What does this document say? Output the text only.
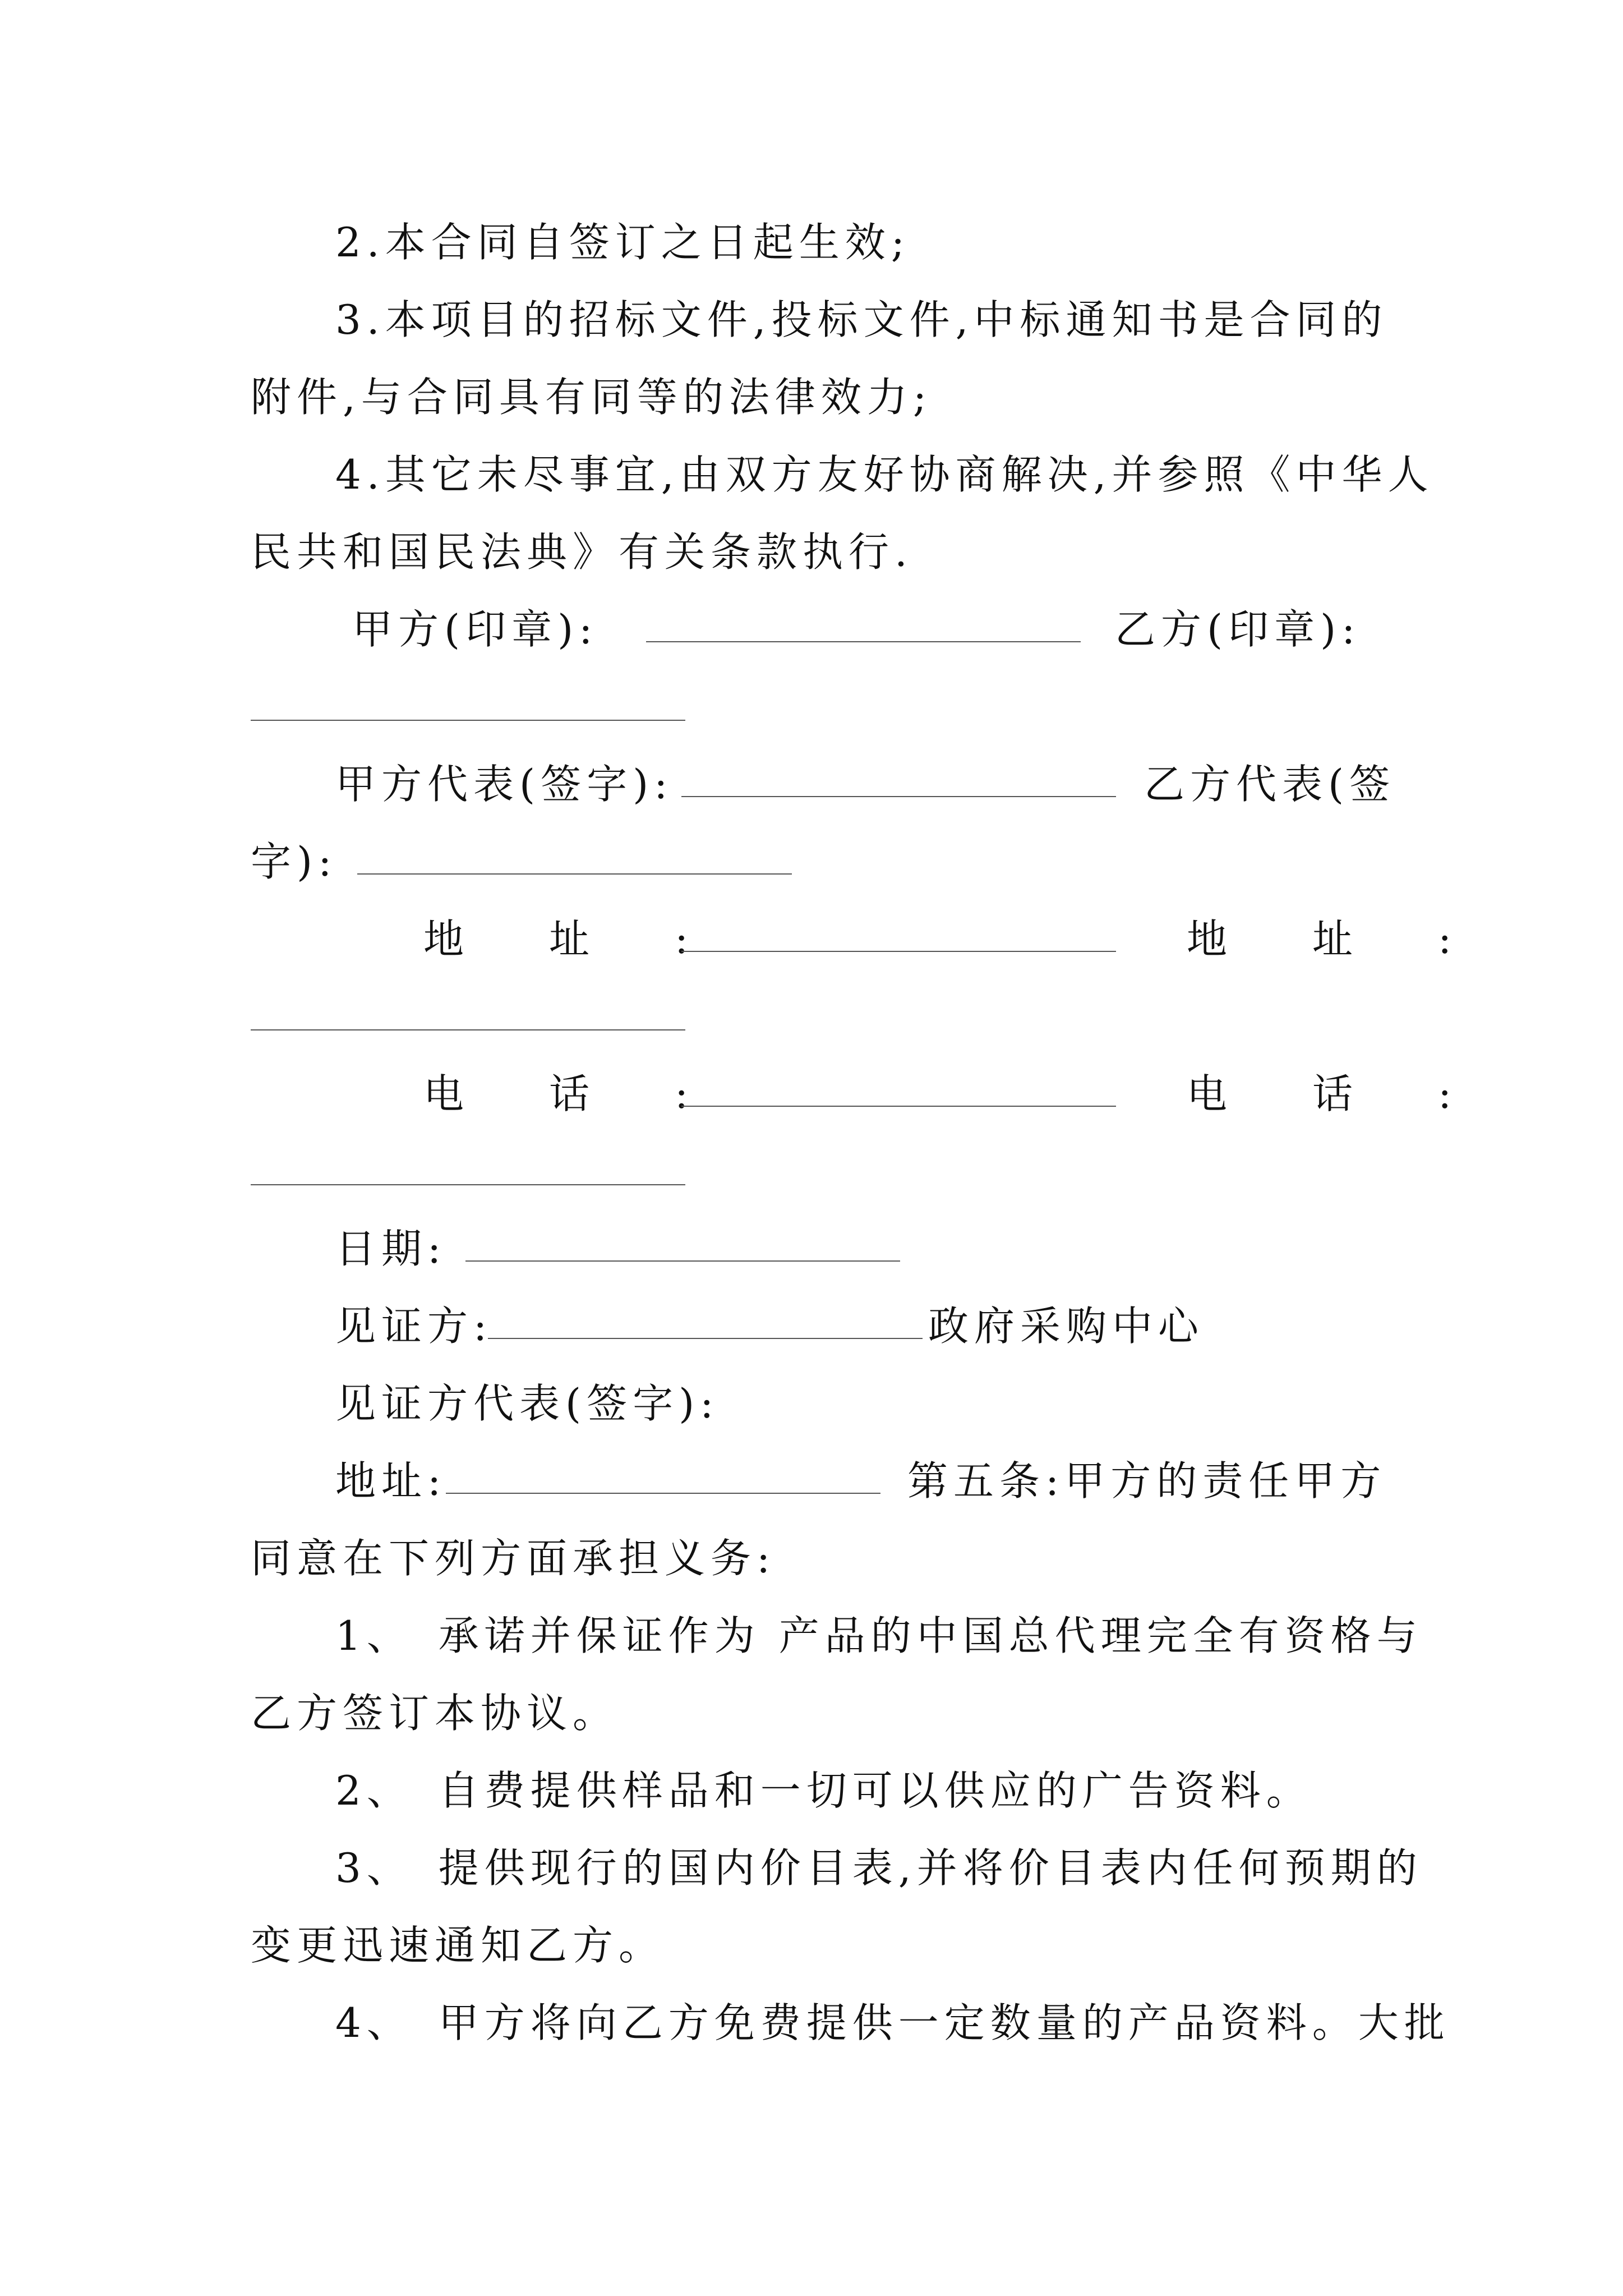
2.本合同自签订之日起生效;
3.本项目的招标文件,投标文件,中标通知书是合同的
附件,与合同具有同等的法律效力;
4.其它未尽事宜,由双方友好协商解决,并参照《中华人
民共和国民法典》有关条款执行.
甲方(印章):	乙方(印章):
甲方代表(签字):	乙方代表(签
字):
地　址　:	地　址　:
电　话　:	电　话　:
日期:
见证方:	政府采购中心
见证方代表(签字):
地址:	第五条:甲方的责任甲方
同意在下列方面承担义务:
1、　承诺并保证作为 产品的中国总代理完全有资格与
乙方签订本协议。
2、　自费提供样品和一切可以供应的广告资料。
3、　提供现行的国内价目表,并将价目表内任何预期的
变更迅速通知乙方。
4、　甲方将向乙方免费提供一定数量的产品资料。大批
